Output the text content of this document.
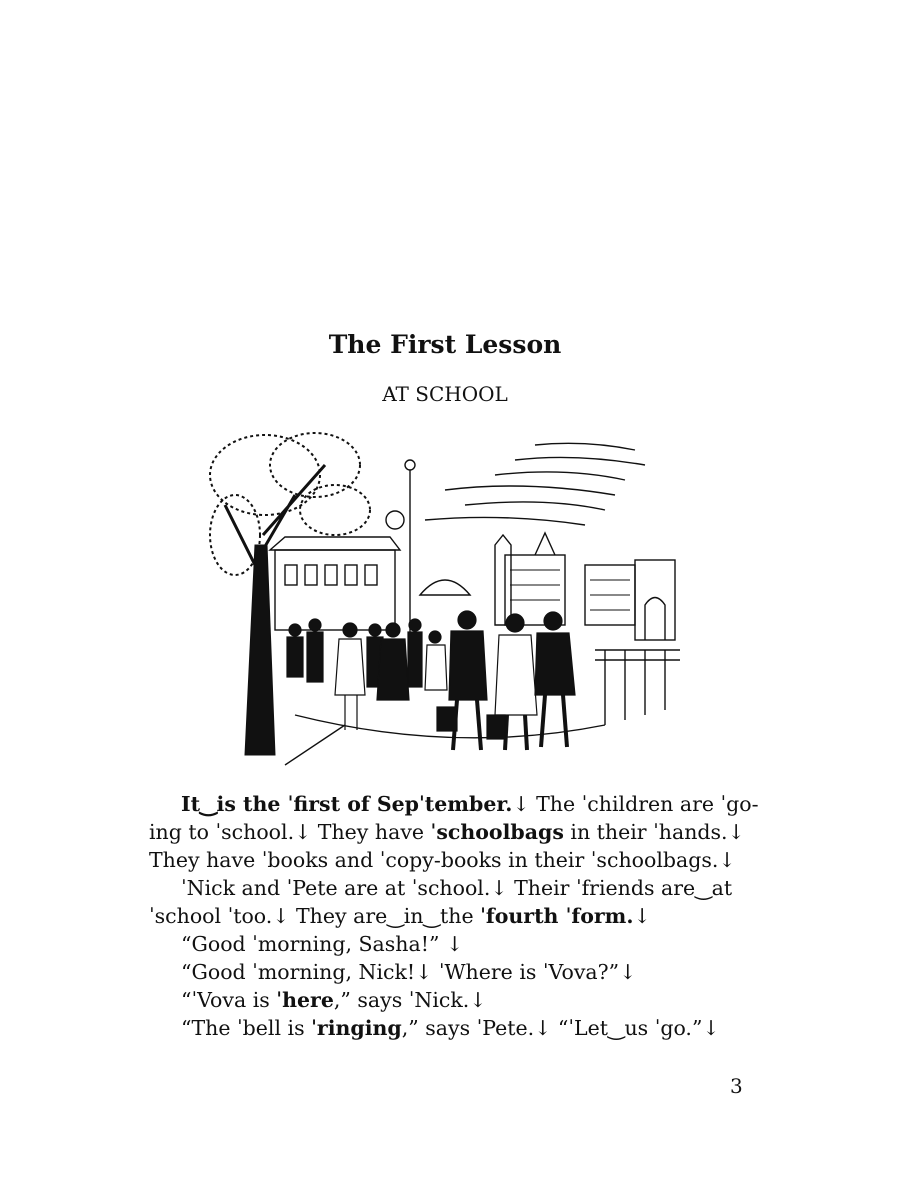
The First Lesson
AT SCHOOL
It‿is the ˈfirst of Sepˈtember.↓ The ˈchildren are ˈgo-
ing to ˈschool.↓ They have ˈschoolbags in their ˈhands.↓
They have ˈbooks and ˈcopy-books in their ˈschoolbags.↓
ˈNick and ˈPete are at ˈschool.↓ Their ˈfriends are‿at
ˈschool ˈtoo.↓ They are‿in‿the ˈfourth ˈform.↓
“Good ˈmorning, Sasha!” ↓
“Good ˈmorning, Nick!↓ ˈWhere is ˈVova?”↓
“ˈVova is ˈhere,” says ˈNick.↓
“The ˈbell is ˈringing,” says ˈPete.↓ “ˈLet‿us ˈgo.”↓
3
